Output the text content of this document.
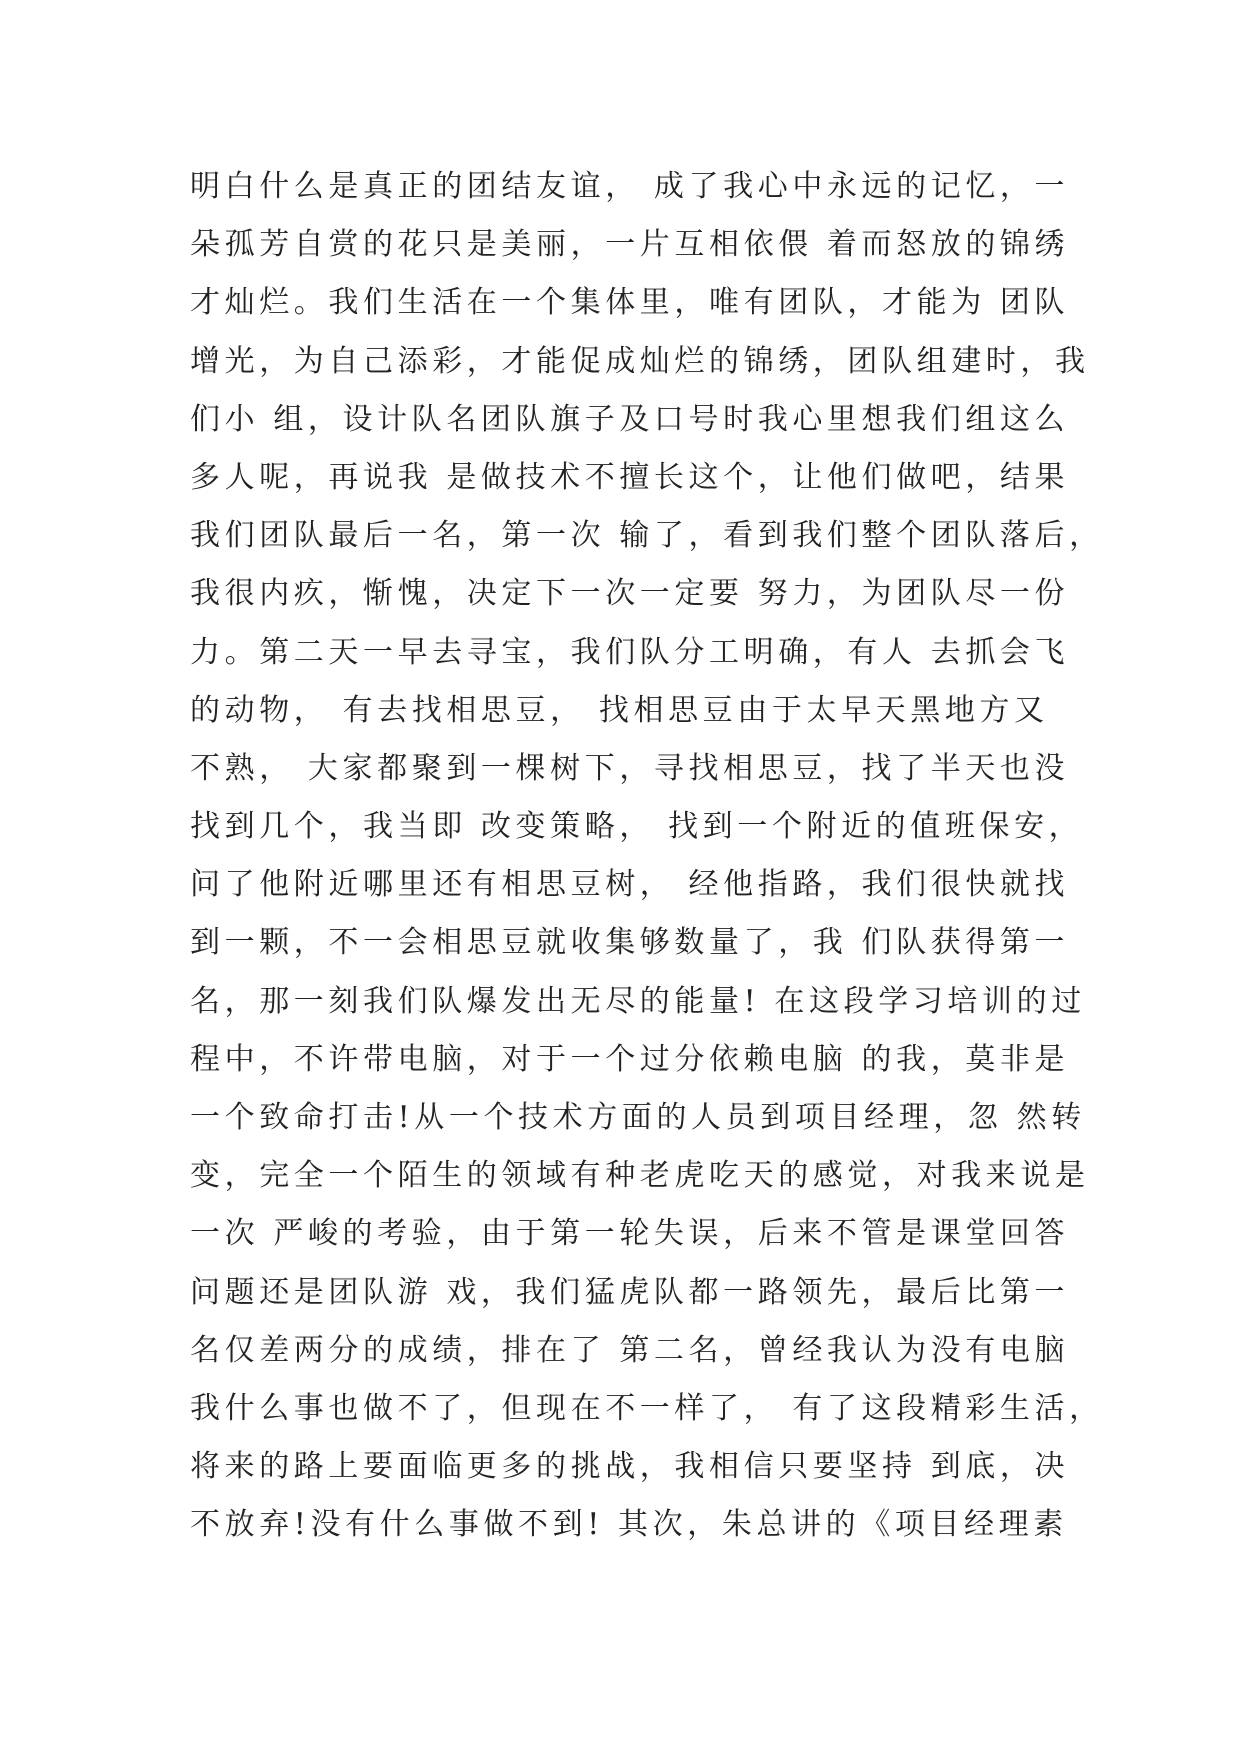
明白什么是真正的团结友谊， 成了我心中永远的记忆，一
朵孤芳自赏的花只是美丽，一片互相依偎 着而怒放的锦绣
才灿烂。我们生活在一个集体里，唯有团队，才能为 团队
增光，为自己添彩，才能促成灿烂的锦绣，团队组建时，我
们小 组，设计队名团队旗子及口号时我心里想我们组这么
多人呢，再说我 是做技术不擅长这个，让他们做吧，结果
我们团队最后一名，第一次 输了，看到我们整个团队落后，
我很内疚，惭愧，决定下一次一定要 努力，为团队尽一份
力。第二天一早去寻宝，我们队分工明确，有人 去抓会飞
的动物， 有去找相思豆， 找相思豆由于太早天黑地方又
不熟， 大家都聚到一棵树下，寻找相思豆，找了半天也没
找到几个，我当即 改变策略， 找到一个附近的值班保安，
问了他附近哪里还有相思豆树， 经他指路，我们很快就找
到一颗，不一会相思豆就收集够数量了，我 们队获得第一
名，那一刻我们队爆发出无尽的能量! 在这段学习培训的过
程中，不许带电脑，对于一个过分依赖电脑 的我，莫非是
一个致命打击!从一个技术方面的人员到项目经理，忽 然转
变，完全一个陌生的领域有种老虎吃天的感觉，对我来说是
一次 严峻的考验，由于第一轮失误，后来不管是课堂回答
问题还是团队游 戏，我们猛虎队都一路领先，最后比第一
名仅差两分的成绩，排在了 第二名，曾经我认为没有电脑
我什么事也做不了，但现在不一样了， 有了这段精彩生活，
将来的路上要面临更多的挑战，我相信只要坚持 到底，决
不放弃!没有什么事做不到! 其次，朱总讲的《项目经理素
